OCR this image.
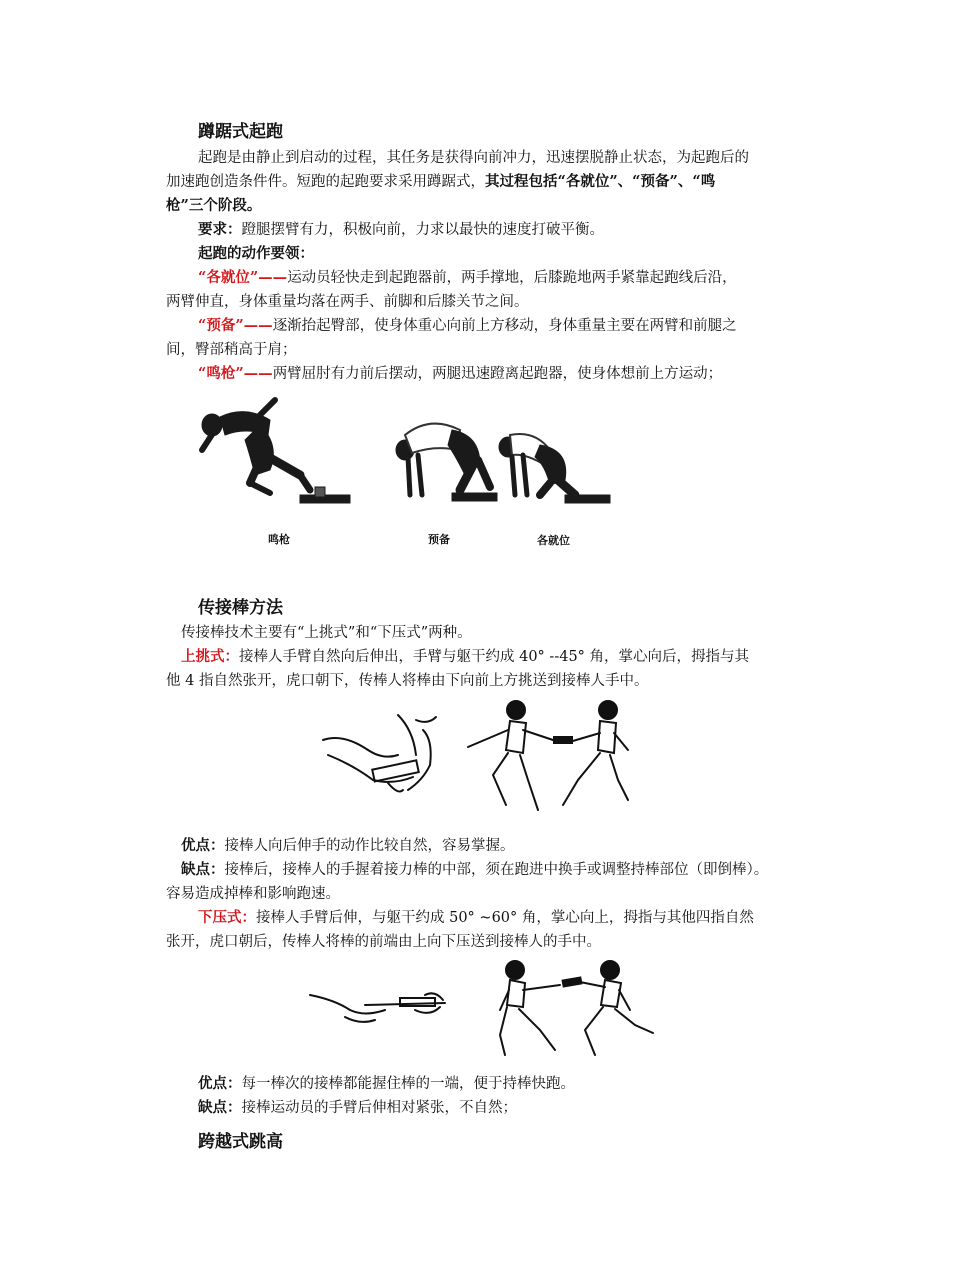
蹲踞式起跑
起跑是由静止到启动的过程，其任务是获得向前冲力，迅速摆脱静止状态，为起跑后的
加速跑创造条件件。短跑的起跑要求采用蹲踞式，其过程包括“各就位”、“预备”、“鸣
枪”三个阶段。
要求：蹬腿摆臂有力，积极向前，力求以最快的速度打破平衡。
起跑的动作要领：
“各就位”——运动员轻快走到起跑器前，两手撑地，后膝跪地两手紧靠起跑线后沿，
两臂伸直，身体重量均落在两手、前脚和后膝关节之间。
“预备”——逐渐抬起臀部，使身体重心向前上方移动，身体重量主要在两臂和前腿之
间，臀部稍高于肩；
“鸣枪”——两臂屈肘有力前后摆动，两腿迅速蹬离起跑器，使身体想前上方运动；
鸣枪	预备	各就位
传接棒方法
传接棒技术主要有“上挑式”和“下压式”两种。
上挑式：接棒人手臂自然向后伸出，手臂与躯干约成 40° --45° 角，掌心向后，拇指与其
他 4 指自然张开，虎口朝下，传棒人将棒由下向前上方挑送到接棒人手中。
优点：接棒人向后伸手的动作比较自然，容易掌握。
缺点：接棒后，接棒人的手握着接力棒的中部，须在跑进中换手或调整持棒部位（即倒棒）。
容易造成掉棒和影响跑速。
下压式：接棒人手臂后伸，与躯干约成 50° ~60° 角，掌心向上，拇指与其他四指自然
张开，虎口朝后，传棒人将棒的前端由上向下压送到接棒人的手中。
优点：每一棒次的接棒都能握住棒的一端，便于持棒快跑。
缺点：接棒运动员的手臂后伸相对紧张，不自然；
跨越式跳高
